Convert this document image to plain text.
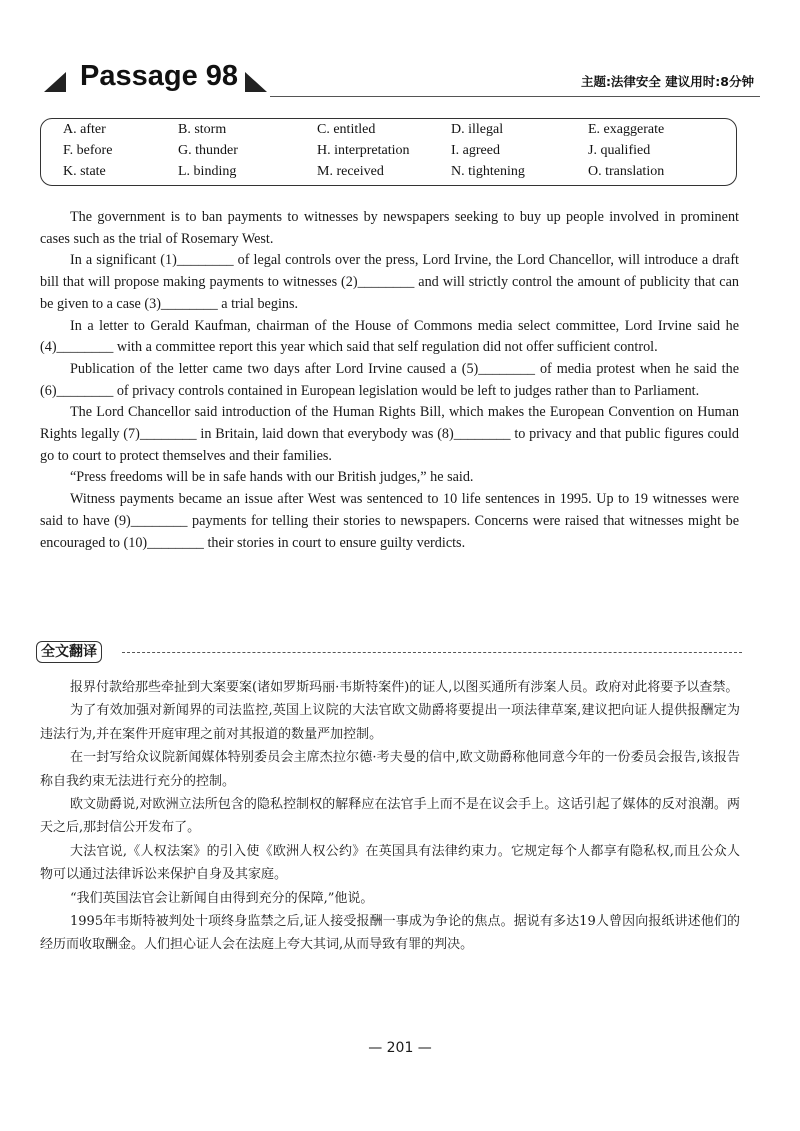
Passage 98	主题:法律安全 建议用时:8分钟
A. after	B. storm	C. entitled	D. illegal	E. exaggerate
F. before	G. thunder	H. interpretation	I. agreed	J. qualified
K. state	L. binding	M. received	N. tightening	O. translation

The government is to ban payments to witnesses by newspapers seeking to buy up people involved in prominent cases such as the trial of Rosemary West.

In a significant (1)________ of legal controls over the press, Lord Irvine, the Lord Chancellor, will introduce a draft bill that will propose making payments to witnesses (2)________ and will strictly control the amount of publicity that can be given to a case (3)________ a trial begins.

In a letter to Gerald Kaufman, chairman of the House of Commons media select committee, Lord Irvine said he (4)________ with a committee report this year which said that self regulation did not offer sufficient control.

Publication of the letter came two days after Lord Irvine caused a (5)________ of media protest when he said the (6)________ of privacy controls contained in European legislation would be left to judges rather than to Parliament.

The Lord Chancellor said introduction of the Human Rights Bill, which makes the European Convention on Human Rights legally (7)________ in Britain, laid down that everybody was (8)________ to privacy and that public figures could go to court to protect themselves and their families.

“Press freedoms will be in safe hands with our British judges,” he said.

Witness payments became an issue after West was sentenced to 10 life sentences in 1995. Up to 19 witnesses were said to have (9)________ payments for telling their stories to newspapers. Concerns were raised that witnesses might be encouraged to (10)________ their stories in court to ensure guilty verdicts.

全文翻译

报界付款给那些牵扯到大案要案(诸如罗斯玛丽·韦斯特案件)的证人,以图买通所有涉案人员。政府对此将要予以查禁。

为了有效加强对新闻界的司法监控,英国上议院的大法官欧文勋爵将要提出一项法律草案,建议把向证人提供报酬定为违法行为,并在案件开庭审理之前对其报道的数量严加控制。

在一封写给众议院新闻媒体特别委员会主席杰拉尔德·考夫曼的信中,欧文勋爵称他同意今年的一份委员会报告,该报告称自我约束无法进行充分的控制。

欧文勋爵说,对欧洲立法所包含的隐私控制权的解释应在法官手上而不是在议会手上。这话引起了媒体的反对浪潮。两天之后,那封信公开发布了。

大法官说,《人权法案》的引入使《欧洲人权公约》在英国具有法律约束力。它规定每个人都享有隐私权,而且公众人物可以通过法律诉讼来保护自身及其家庭。

“我们英国法官会让新闻自由得到充分的保障,”他说。

1995年韦斯特被判处十项终身监禁之后,证人接受报酬一事成为争论的焦点。据说有多达19人曾因向报纸讲述他们的经历而收取酬金。人们担心证人会在法庭上夸大其词,从而导致有罪的判决。

— 201 —
